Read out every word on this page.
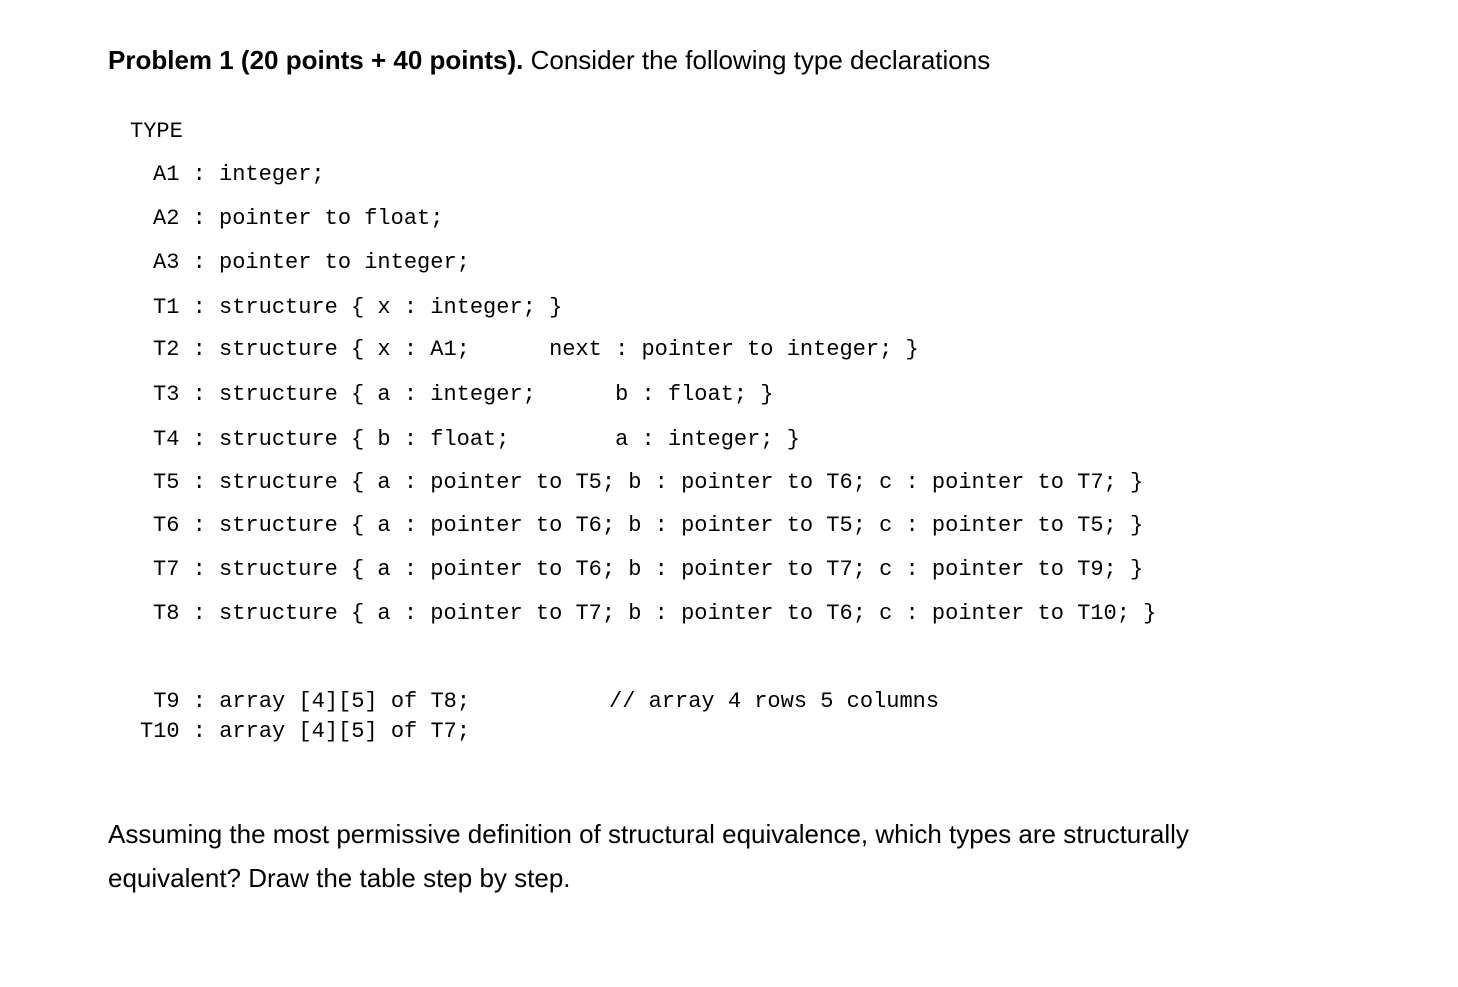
Problem 1 (20 points + 40 points). Consider the following type declarations
TYPE
A1 : integer;
A2 : pointer to float;
A3 : pointer to integer;
T1 : structure { x : integer; }
T2 : structure { x : A1;      next : pointer to integer; }
T3 : structure { a : integer;      b : float; }
T4 : structure { b : float;        a : integer; }
T5 : structure { a : pointer to T5; b : pointer to T6; c : pointer to T7; }
T6 : structure { a : pointer to T6; b : pointer to T5; c : pointer to T5; }
T7 : structure { a : pointer to T6; b : pointer to T7; c : pointer to T9; }
T8 : structure { a : pointer to T7; b : pointer to T6; c : pointer to T10; }
T9 : array [4][5] of T8;	// array 4 rows 5 columns
T10 : array [4][5] of T7;
Assuming the most permissive definition of structural equivalence, which types are structurally equivalent? Draw the table step by step.
